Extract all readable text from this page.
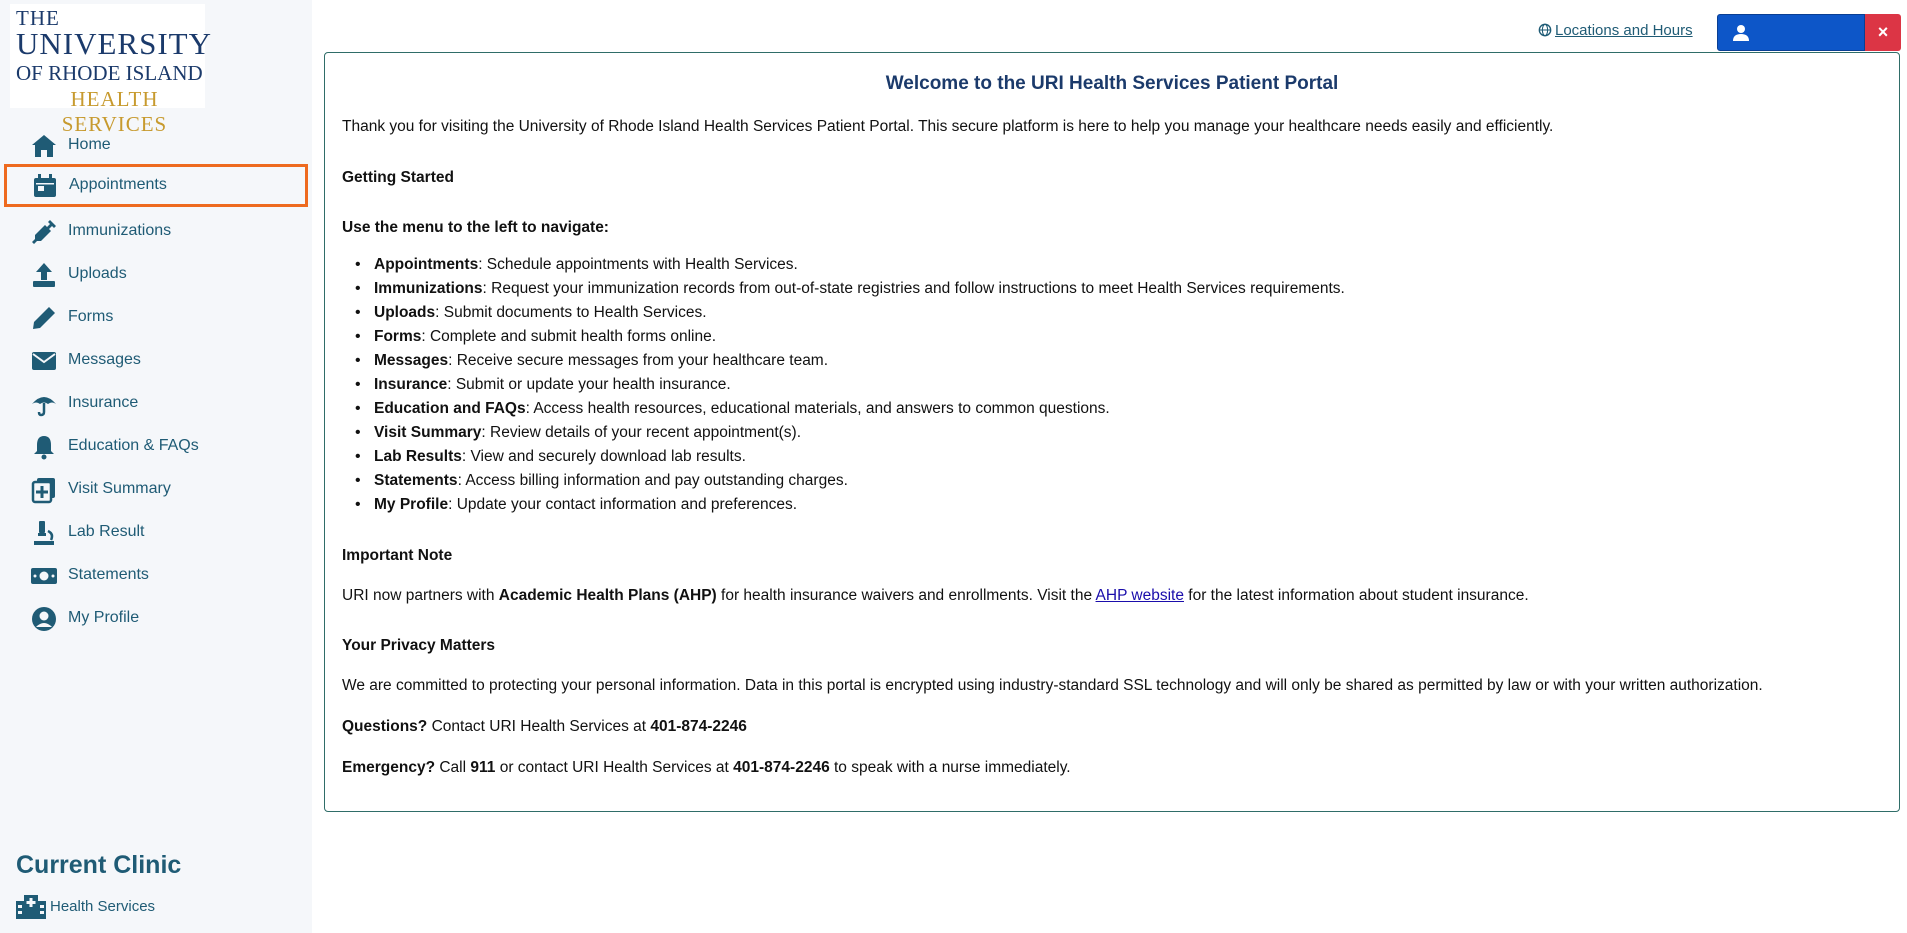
THE
UNIVERSITY
OF RHODE ISLAND
HEALTH SERVICES
Home
Appointments
Immunizations
Uploads
Forms
Messages
Insurance
Education & FAQs
Visit Summary
Lab Result
Statements
My Profile
Current Clinic
Health Services
Locations and Hours	×
Welcome to the URI Health Services Patient Portal
Thank you for visiting the University of Rhode Island Health Services Patient Portal. This secure platform is here to help you manage your healthcare needs easily and efficiently.
Getting Started
Use the menu to the left to navigate:
• Appointments: Schedule appointments with Health Services.
• Immunizations: Request your immunization records from out-of-state registries and follow instructions to meet Health Services requirements.
• Uploads: Submit documents to Health Services.
• Forms: Complete and submit health forms online.
• Messages: Receive secure messages from your healthcare team.
• Insurance: Submit or update your health insurance.
• Education and FAQs: Access health resources, educational materials, and answers to common questions.
• Visit Summary: Review details of your recent appointment(s).
• Lab Results: View and securely download lab results.
• Statements: Access billing information and pay outstanding charges.
• My Profile: Update your contact information and preferences.
Important Note
URI now partners with Academic Health Plans (AHP) for health insurance waivers and enrollments. Visit the AHP website for the latest information about student insurance.
Your Privacy Matters
We are committed to protecting your personal information. Data in this portal is encrypted using industry-standard SSL technology and will only be shared as permitted by law or with your written authorization.
Questions? Contact URI Health Services at 401-874-2246
Emergency? Call 911 or contact URI Health Services at 401-874-2246 to speak with a nurse immediately.
